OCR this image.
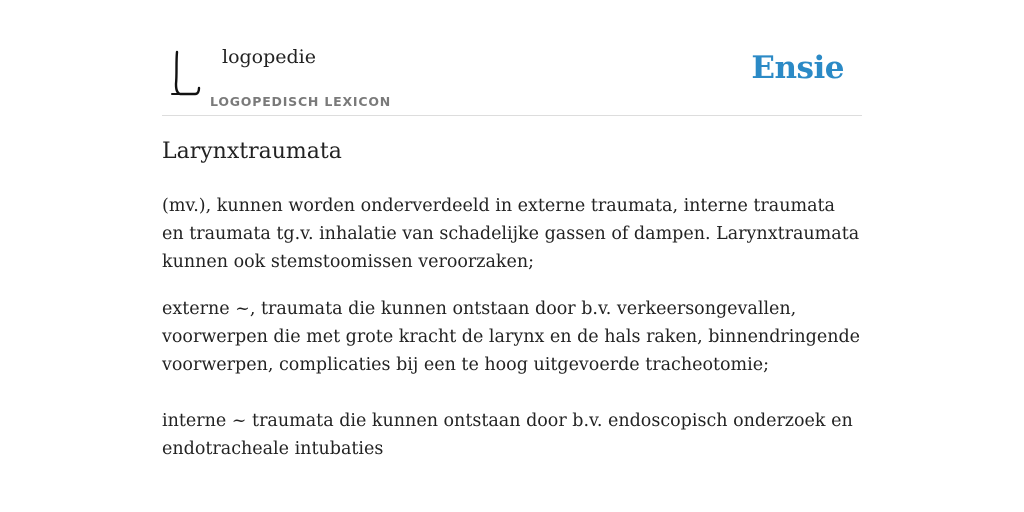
logopedie
LOGOPEDISCH LEXICON
Ensie
Larynxtraumata

(mv.), kunnen worden onderverdeeld in externe traumata, interne traumata en traumata tg.v. inhalatie van schadelijke gassen of dampen. Larynxtraumata kunnen ook stemstoomissen veroorzaken;

externe ~, traumata die kunnen ontstaan door b.v. verkeersongevallen, voorwerpen die met grote kracht de larynx en de hals raken, binnendringende voorwerpen, complicaties bij een te hoog uitgevoerde tracheotomie;

interne ~ traumata die kunnen ontstaan door b.v. endoscopisch onderzoek en endotracheale intubaties
